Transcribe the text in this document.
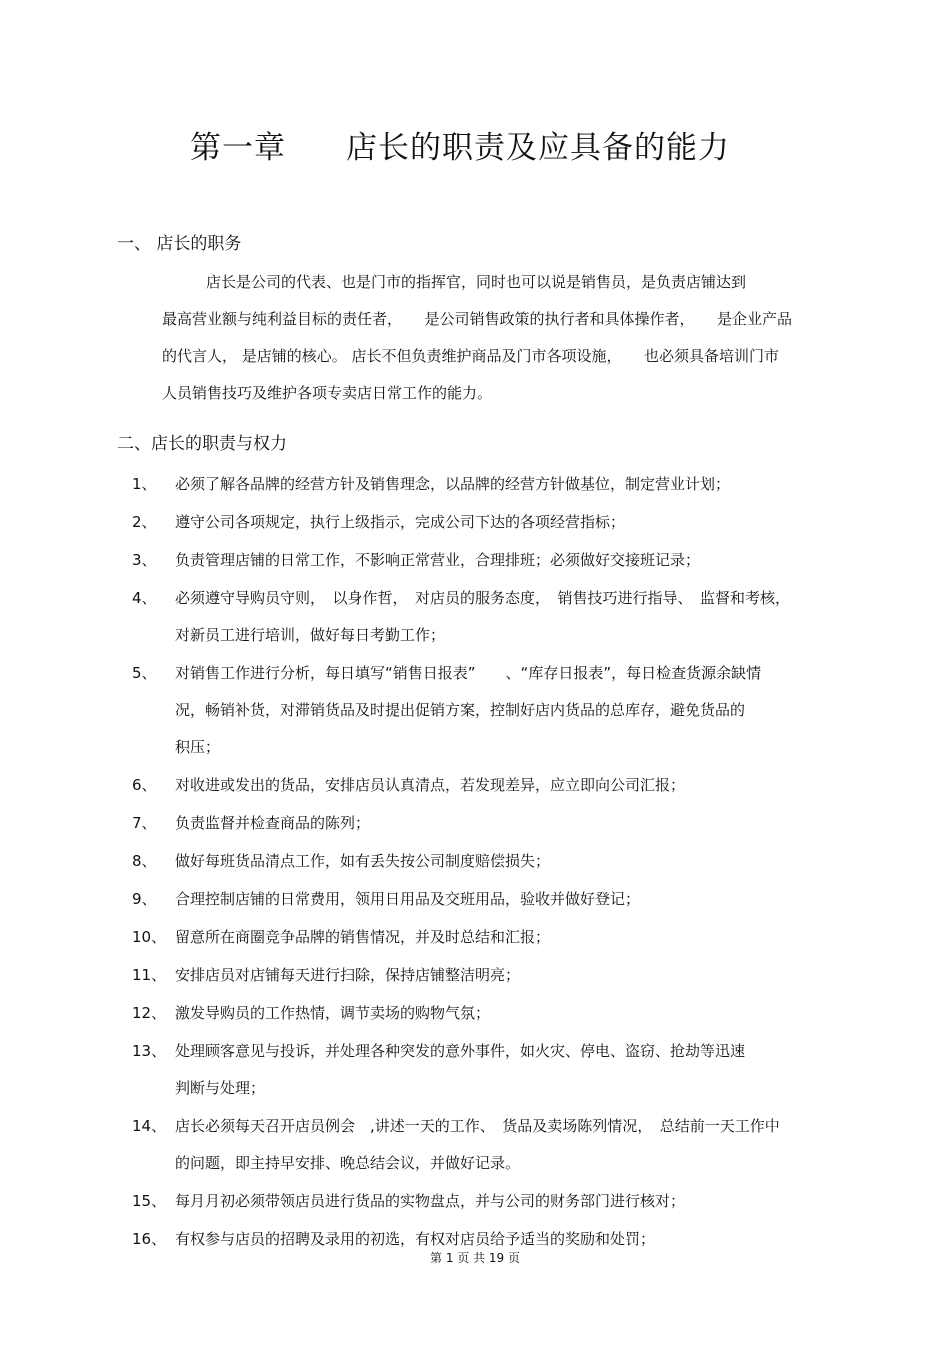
第一章 店长的职责及应具备的能力
一、 店长的职务
店长是公司的代表、也是门市的指挥官，同时也可以说是销售员，是负责店铺达到
最高营业额与纯利益目标的责任者，　　是公司销售政策的执行者和具体操作者，　　是企业产品
的代言人， 是店铺的核心。 店长不但负责维护商品及门市各项设施，　　也必须具备培训门市
人员销售技巧及维护各项专卖店日常工作的能力。
二、店长的职责与权力
1、 必须了解各品牌的经营方针及销售理念，以品牌的经营方针做基位，制定营业计划；
2、 遵守公司各项规定，执行上级指示，完成公司下达的各项经营指标；
3、 负责管理店铺的日常工作，不影响正常营业，合理排班；必须做好交接班记录；
4、 必须遵守导购员守则，　以身作哲，　对店员的服务态度，　销售技巧进行指导、　监督和考核，
对新员工进行培训，做好每日考勤工作；
5、 对销售工作进行分析，每日填写“销售日报表”　　、“库存日报表”，每日检查货源余缺情
况，畅销补货，对滞销货品及时提出促销方案，控制好店内货品的总库存，避免货品的
积压；
6、 对收进或发出的货品，安排店员认真清点，若发现差异，应立即向公司汇报；
7、 负责监督并检查商品的陈列；
8、 做好每班货品清点工作，如有丢失按公司制度赔偿损失；
9、 合理控制店铺的日常费用，领用日用品及交班用品，验收并做好登记；
10、 留意所在商圈竞争品牌的销售情况，并及时总结和汇报；
11、 安排店员对店铺每天进行扫除，保持店铺整洁明亮；
12、 激发导购员的工作热情，调节卖场的购物气氛；
13、 处理顾客意见与投诉，并处理各种突发的意外事件，如火灾、停电、盗窃、抢劫等迅速
判断与处理；
14、 店长必须每天召开店员例会　,讲述一天的工作、　货品及卖场陈列情况，　总结前一天工作中
的问题，即主持早安排、晚总结会议，并做好记录。
15、 每月月初必须带领店员进行货品的实物盘点，并与公司的财务部门进行核对；
16、 有权参与店员的招聘及录用的初选，有权对店员给予适当的奖励和处罚；
第 1 页 共 19 页
